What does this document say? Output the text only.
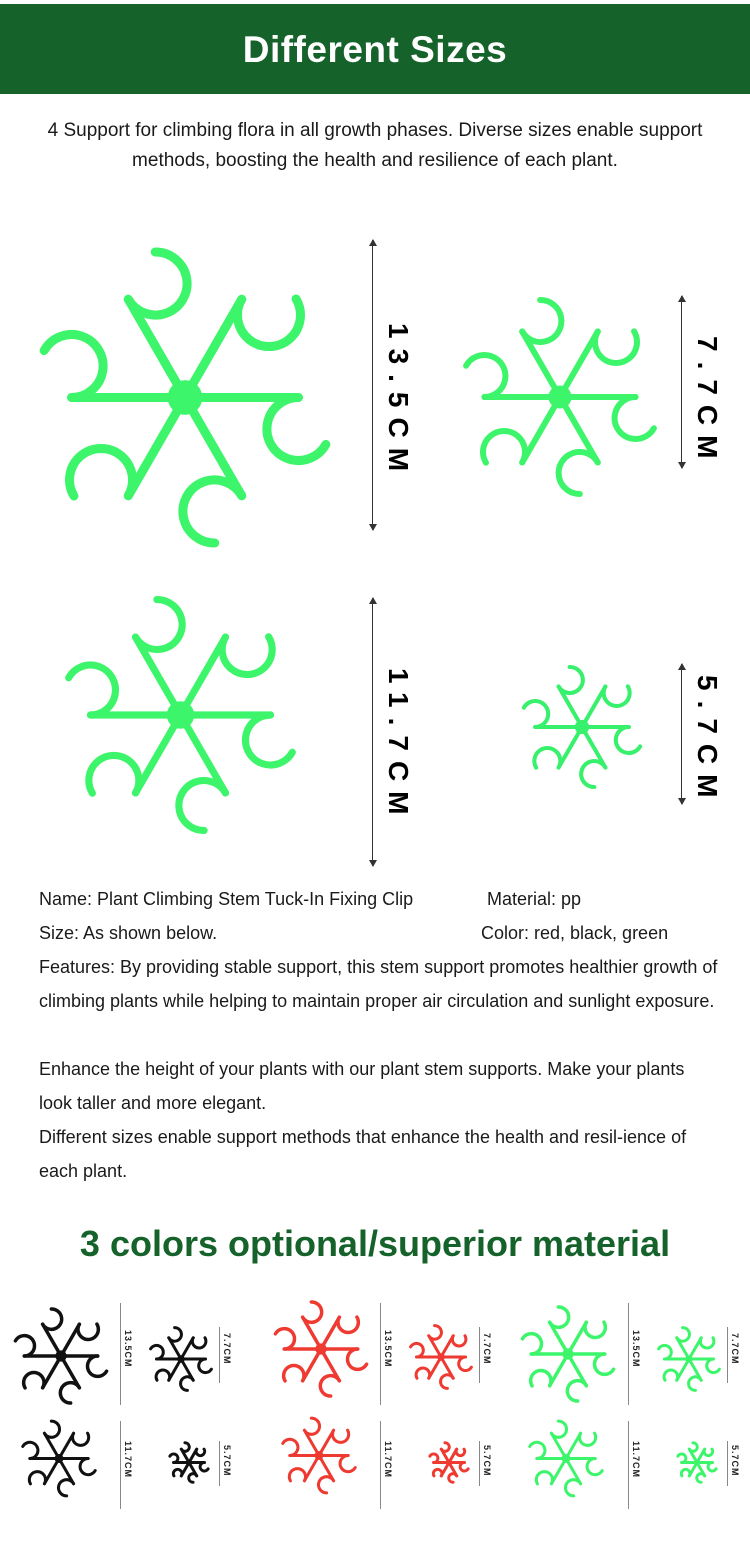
Different Sizes
4 Support for climbing flora in all growth phases. Diverse sizes enable support methods, boosting the health and resilience of each plant.
13.5CM	7.7CM
11.7CM	5.7CM
Name: Plant Climbing Stem Tuck-In Fixing Clip	Material: pp
Size: As shown below.	Color: red, black, green
Features: By providing stable support, this stem support promotes healthier growth of climbing plants while helping to maintain proper air circulation and sunlight exposure.
Enhance the height of your plants with our plant stem supports. Make your plants look taller and more elegant.
Different sizes enable support methods that enhance the health and resil-ience of each plant.
3 colors optional/superior material
13.5CM	7.7CM
11.7CM	5.7CM
13.5CM	7.7CM
11.7CM	5.7CM
13.5CM	7.7CM
11.7CM	5.7CM
